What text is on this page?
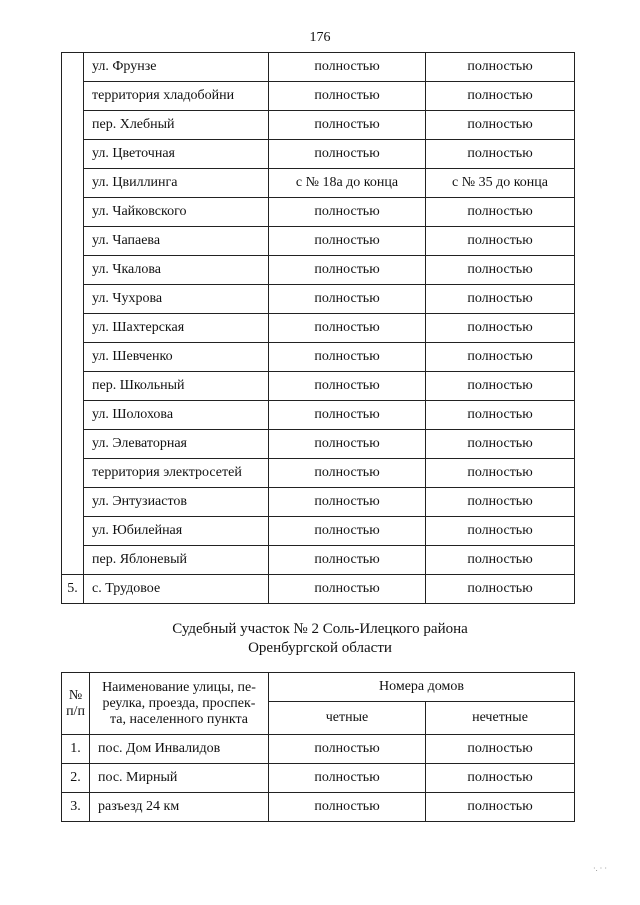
176
	ул. Фрунзе	полностью	полностью
	территория хладобойни	полностью	полностью
	пер. Хлебный	полностью	полностью
	ул. Цветочная	полностью	полностью
	ул. Цвиллинга	с № 18а до конца	с № 35 до конца
	ул. Чайковского	полностью	полностью
	ул. Чапаева	полностью	полностью
	ул. Чкалова	полностью	полностью
	ул. Чухрова	полностью	полностью
	ул. Шахтерская	полностью	полностью
	ул. Шевченко	полностью	полностью
	пер. Школьный	полностью	полностью
	ул. Шолохова	полностью	полностью
	ул. Элеваторная	полностью	полностью
	территория электросетей	полностью	полностью
	ул. Энтузиастов	полностью	полностью
	ул. Юбилейная	полностью	полностью
	пер. Яблоневый	полностью	полностью
5.	с. Трудовое	полностью	полностью
Судебный участок № 2 Соль-Илецкого района
Оренбургской области
№
п/п	Наименование улицы, пе-
реулка, проезда, проспек-
та, населенного пункта	Номера домов	
		четные	нечетные
1.	пос. Дом Инвалидов	полностью	полностью
2.	пос. Мирный	полностью	полностью
3.	разъезд 24 км	полностью	полностью
·. · ·
